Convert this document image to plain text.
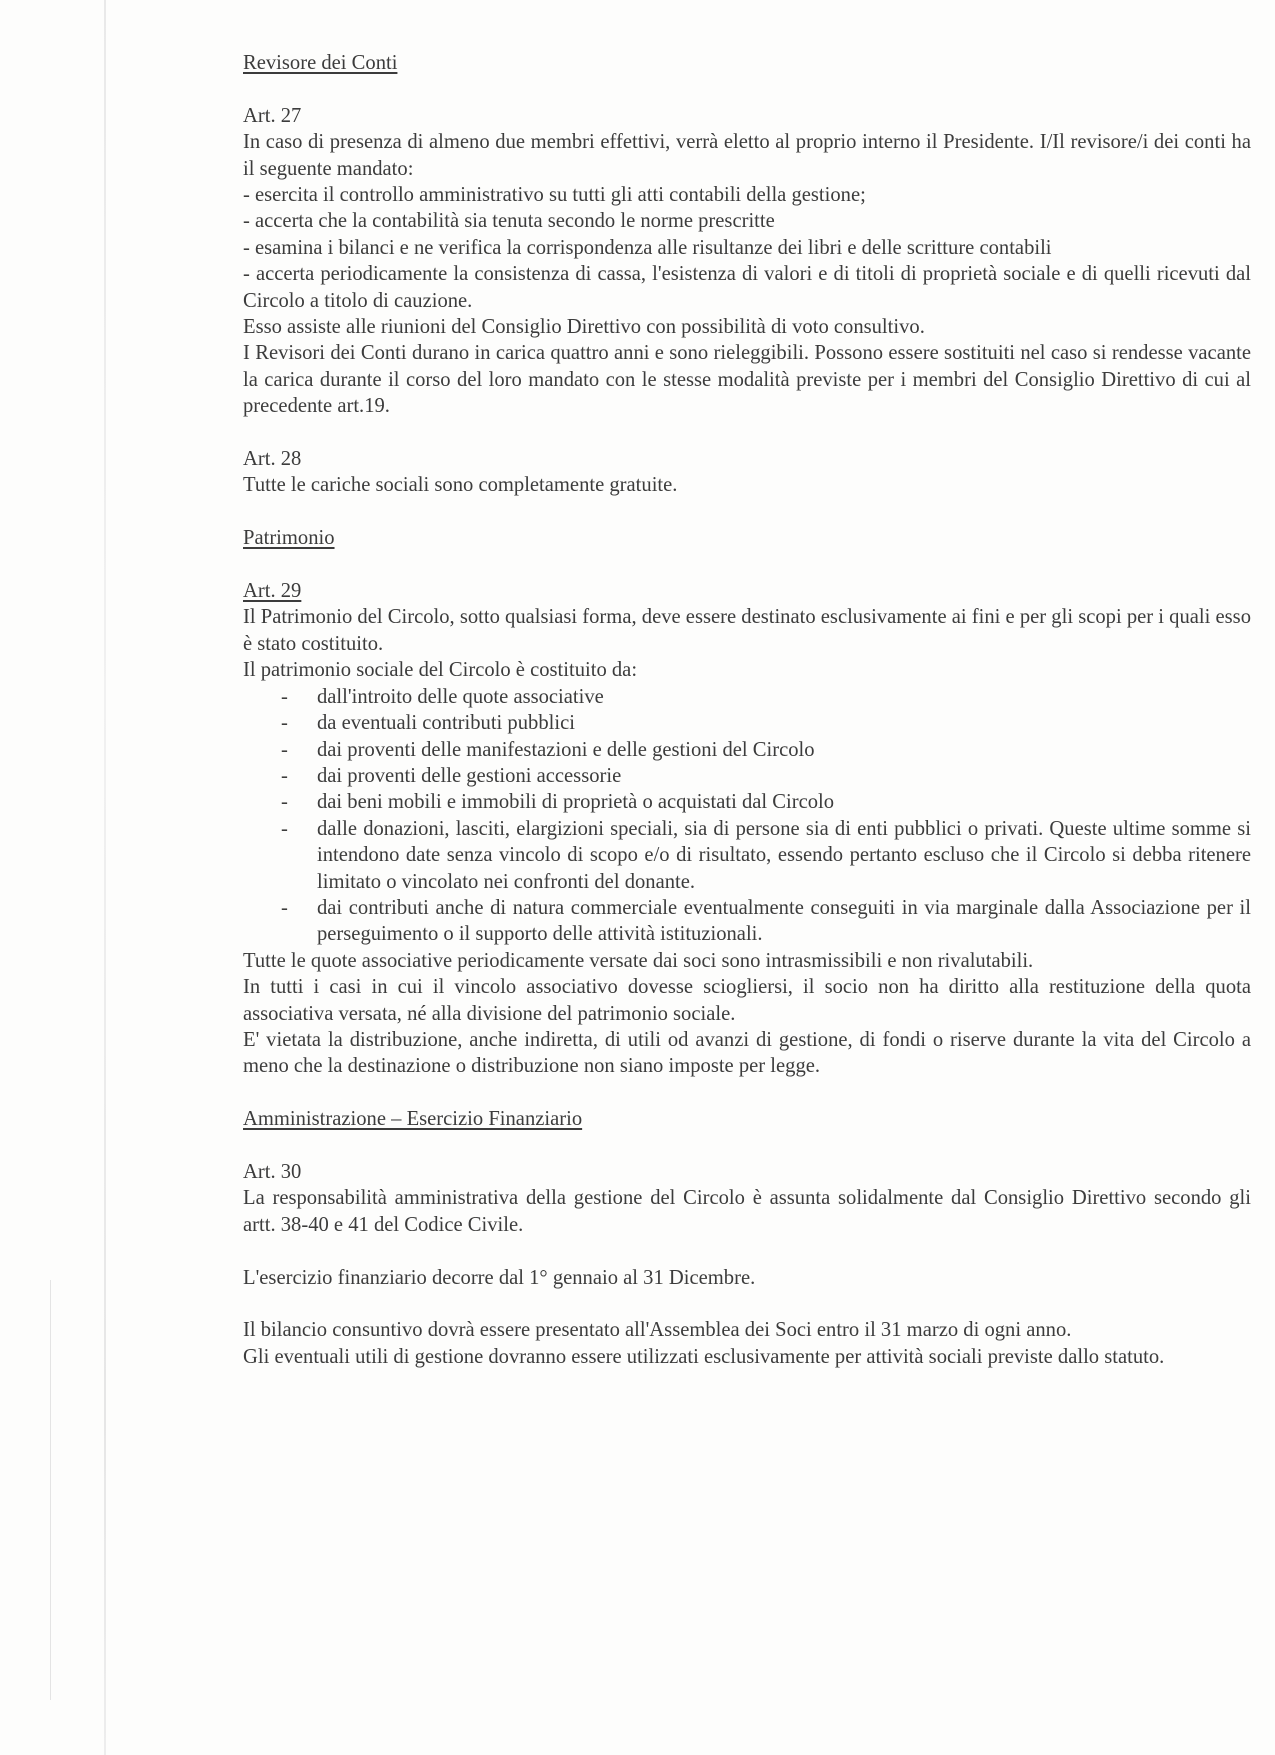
Revisore dei Conti

Art. 27

In caso di presenza di almeno due membri effettivi, verrà eletto al proprio interno il Presidente. I/Il revisore/i dei conti ha il seguente mandato:

- esercita il controllo amministrativo su tutti gli atti contabili della gestione;

- accerta che la contabilità sia tenuta secondo le norme prescritte

- esamina i bilanci e ne verifica la corrispondenza alle risultanze dei libri e delle scritture contabili

- accerta periodicamente la consistenza di cassa, l'esistenza di valori e di titoli di proprietà sociale e di quelli ricevuti dal Circolo a titolo di cauzione.

Esso assiste alle riunioni del Consiglio Direttivo con possibilità di voto consultivo.

I Revisori dei Conti durano in carica quattro anni e sono rieleggibili. Possono essere sostituiti nel caso si rendesse vacante la carica durante il corso del loro mandato con le stesse modalità previste per i membri del Consiglio Direttivo di cui al precedente art.19.

Art. 28

Tutte le cariche sociali sono completamente gratuite.

Patrimonio

Art. 29

Il Patrimonio del Circolo, sotto qualsiasi forma, deve essere destinato esclusivamente ai fini e per gli scopi per i quali esso è stato costituito.

Il patrimonio sociale del Circolo è costituito da:

- dall'introito delle quote associative
- da eventuali contributi pubblici
- dai proventi delle manifestazioni e delle gestioni del Circolo
- dai proventi delle gestioni accessorie
- dai beni mobili e immobili di proprietà o acquistati dal Circolo
- dalle donazioni, lasciti, elargizioni speciali, sia di persone sia di enti pubblici o privati. Queste ultime somme si intendono date senza vincolo di scopo e/o di risultato, essendo pertanto escluso che il Circolo si debba ritenere limitato o vincolato nei confronti del donante.
- dai contributi anche di natura commerciale eventualmente conseguiti in via marginale dalla Associazione per il perseguimento o il supporto delle attività istituzionali.

Tutte le quote associative periodicamente versate dai soci sono intrasmissibili e non rivalutabili.

In tutti i casi in cui il vincolo associativo dovesse sciogliersi, il socio non ha diritto alla restituzione della quota associativa versata, né alla divisione del patrimonio sociale.

E' vietata la distribuzione, anche indiretta, di utili od avanzi di gestione, di fondi o riserve durante la vita del Circolo a meno che la destinazione o distribuzione non siano imposte per legge.

Amministrazione – Esercizio Finanziario

Art. 30

La responsabilità amministrativa della gestione del Circolo è assunta solidalmente dal Consiglio Direttivo secondo gli artt. 38-40 e 41 del Codice Civile.

L'esercizio finanziario decorre dal 1° gennaio al 31 Dicembre.

Il bilancio consuntivo dovrà essere presentato all'Assemblea dei Soci entro il 31 marzo di ogni anno.

Gli eventuali utili di gestione dovranno essere utilizzati esclusivamente per attività sociali previste dallo statuto.
